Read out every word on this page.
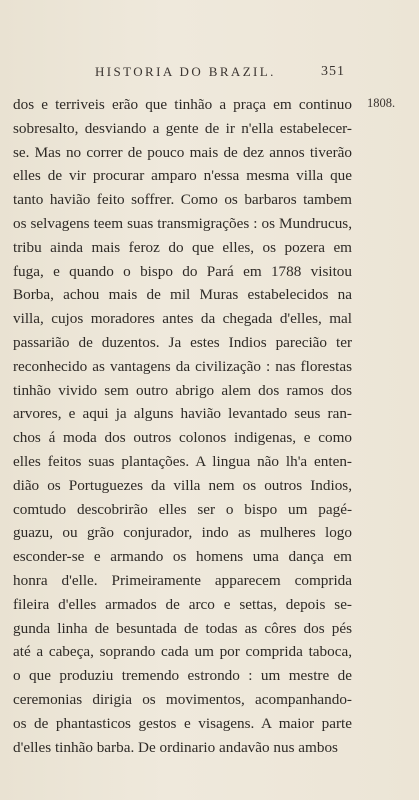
HISTORIA DO BRAZIL.	351
1808.
dos e terriveis erão que tinhão a praça em continuo
sobresalto, desviando a gente de ir n'ella estabelecer-
se. Mas no correr de pouco mais de dez annos tiverão
elles de vir procurar amparo n'essa mesma villa que
tanto havião feito soffrer. Como os barbaros tambem
os selvagens teem suas transmigrações : os Mundrucus,
tribu ainda mais feroz do que elles, os pozera em
fuga, e quando o bispo do Pará em 1788 visitou
Borba, achou mais de mil Muras estabelecidos na
villa, cujos moradores antes da chegada d'elles, mal
passarião de duzentos. Ja estes Indios parecião ter
reconhecido as vantagens da civilização : nas florestas
tinhão vivido sem outro abrigo alem dos ramos dos
arvores, e aqui ja alguns havião levantado seus ran-
chos á moda dos outros colonos indigenas, e como
elles feitos suas plantações. A lingua não lh'a enten-
dião os Portuguezes da villa nem os outros Indios,
comtudo descobrirão elles ser o bispo um pagé-
guazu, ou grão conjurador, indo as mulheres logo
esconder-se e armando os homens uma dança em
honra d'elle. Primeiramente apparecem comprida
fileira d'elles armados de arco e settas, depois se-
gunda linha de besuntada de todas as côres dos pés
até a cabeça, soprando cada um por comprida taboca,
o que produziu tremendo estrondo : um mestre de
ceremonias dirigia os movimentos, acompanhando-
os de phantasticos gestos e visagens. A maior parte
d'elles tinhão barba. De ordinario andavão nus ambos
